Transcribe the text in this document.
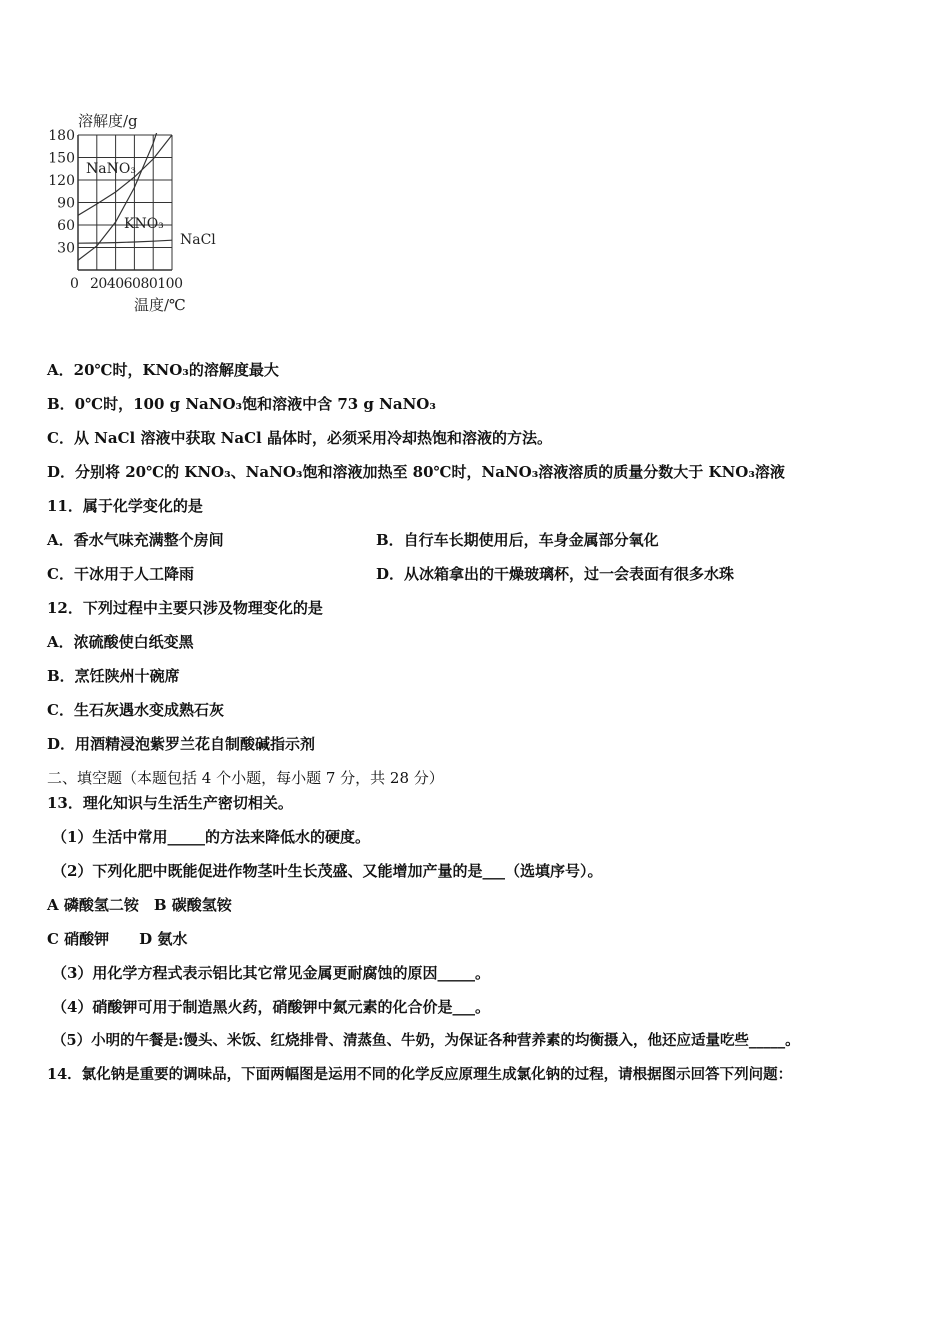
30
60
90
120
150
180
0 20406080100
溶解度/g
温度/℃
NaNO₃
KNO₃
NaCl
A．20℃时，KNO₃的溶解度最大
B．0℃时，100 g NaNO₃饱和溶液中含 73 g NaNO₃
C．从 NaCl 溶液中获取 NaCl 晶体时，必须采用冷却热饱和溶液的方法。
D．分别将 20℃的 KNO₃、NaNO₃饱和溶液加热至 80℃时，NaNO₃溶液溶质的质量分数大于 KNO₃溶液
11．属于化学变化的是
A．香水气味充满整个房间	B．自行车长期使用后，车身金属部分氧化
C．干冰用于人工降雨	D．从冰箱拿出的干燥玻璃杯，过一会表面有很多水珠
12．下列过程中主要只涉及物理变化的是
A．浓硫酸使白纸变黑
B．烹饪陕州十碗席
C．生石灰遇水变成熟石灰
D．用酒精浸泡紫罗兰花自制酸碱指示剂
二、填空题（本题包括 4 个小题，每小题 7 分，共 28 分）
13．理化知识与生活生产密切相关。
（1）生活中常用_____的方法来降低水的硬度。
（2）下列化肥中既能促进作物茎叶生长茂盛、又能增加产量的是___（选填序号）。
A 磷酸氢二铵　B 碳酸氢铵
C 硝酸钾　　D 氨水
（3）用化学方程式表示铝比其它常见金属更耐腐蚀的原因_____。
（4）硝酸钾可用于制造黑火药，硝酸钾中氮元素的化合价是___。
（5）小明的午餐是:馒头、米饭、红烧排骨、清蒸鱼、牛奶，为保证各种营养素的均衡摄入，他还应适量吃些_____。
14．氯化钠是重要的调味品，下面两幅图是运用不同的化学反应原理生成氯化钠的过程，请根据图示回答下列问题：
